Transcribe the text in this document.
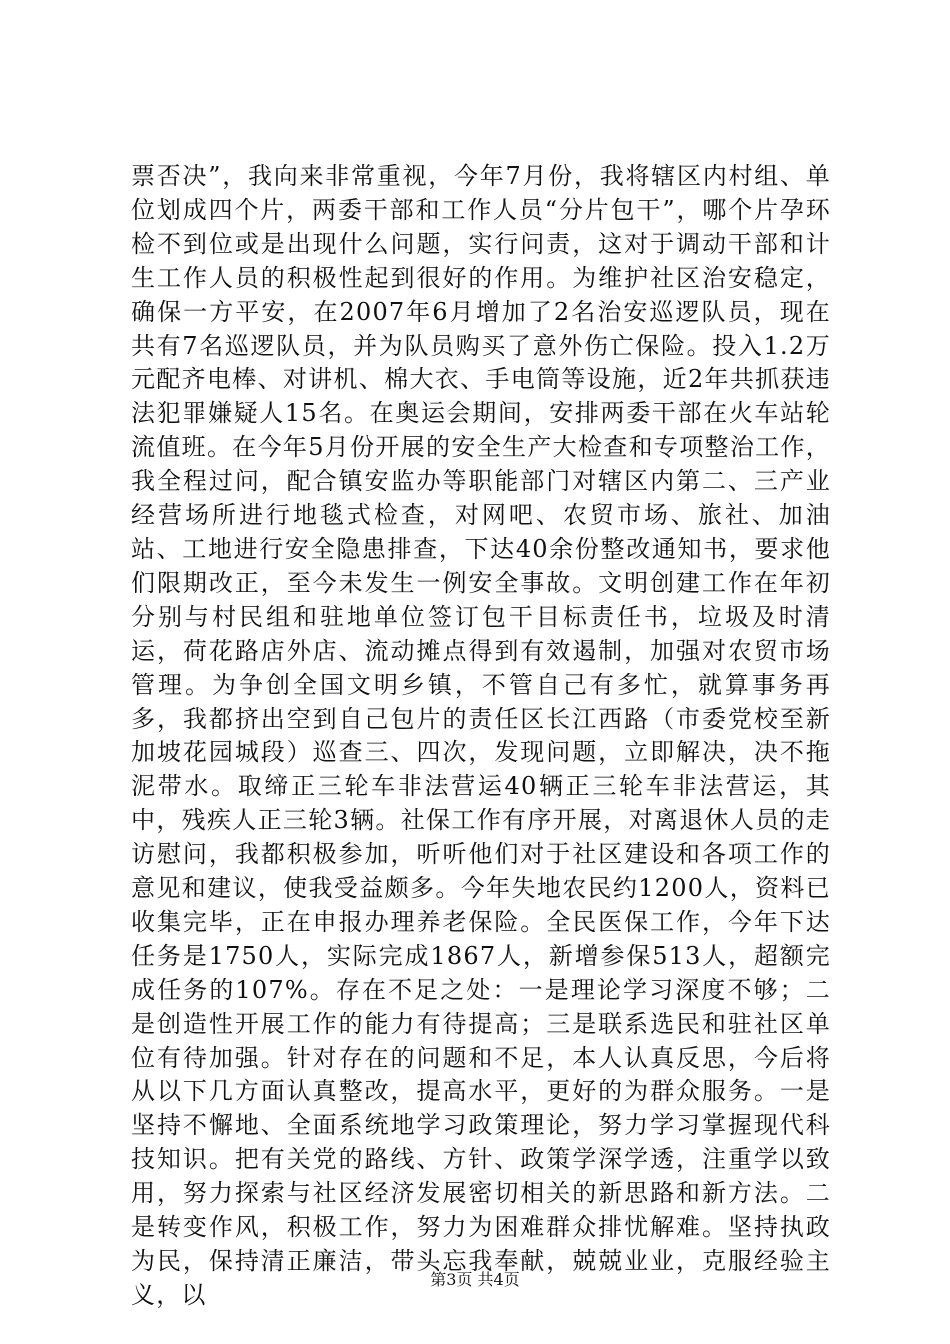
票否决”，我向来非常重视，今年7月份，我将辖区内村组、单位划成四个片，两委干部和工作人员“分片包干”，哪个片孕环检不到位或是出现什么问题，实行问责，这对于调动干部和计生工作人员的积极性起到很好的作用。为维护社区治安稳定，确保一方平安，在2007年6月增加了2名治安巡逻队员，现在共有7名巡逻队员，并为队员购买了意外伤亡保险。投入1.2万元配齐电棒、对讲机、棉大衣、手电筒等设施，近2年共抓获违法犯罪嫌疑人15名。在奥运会期间，安排两委干部在火车站轮流值班。在今年5月份开展的安全生产大检查和专项整治工作，我全程过问，配合镇安监办等职能部门对辖区内第二、三产业经营场所进行地毯式检查，对网吧、农贸市场、旅社、加油站、工地进行安全隐患排查，下达40余份整改通知书，要求他们限期改正，至今未发生一例安全事故。文明创建工作在年初分别与村民组和驻地单位签订包干目标责任书，垃圾及时清运，荷花路店外店、流动摊点得到有效遏制，加强对农贸市场管理。为争创全国文明乡镇，不管自己有多忙，就算事务再多，我都挤出空到自己包片的责任区长江西路（市委党校至新加坡花园城段）巡查三、四次，发现问题，立即解决，决不拖泥带水。取缔正三轮车非法营运40辆正三轮车非法营运，其中，残疾人正三轮3辆。社保工作有序开展，对离退休人员的走访慰问，我都积极参加，听听他们对于社区建设和各项工作的意见和建议，使我受益颇多。今年失地农民约1200人，资料已收集完毕，正在申报办理养老保险。全民医保工作，今年下达任务是1750人，实际完成1867人，新增参保513人，超额完成任务的107%。存在不足之处：一是理论学习深度不够；二是创造性开展工作的能力有待提高；三是联系选民和驻社区单位有待加强。针对存在的问题和不足，本人认真反思，今后将从以下几方面认真整改，提高水平，更好的为群众服务。一是坚持不懈地、全面系统地学习政策理论，努力学习掌握现代科技知识。把有关党的路线、方针、政策学深学透，注重学以致用，努力探索与社区经济发展密切相关的新思路和新方法。二是转变作风，积极工作，努力为困难群众排忧解难。坚持执政为民，保持清正廉洁，带头忘我奉献，兢兢业业，克服经验主义，以

第3页 共4页
